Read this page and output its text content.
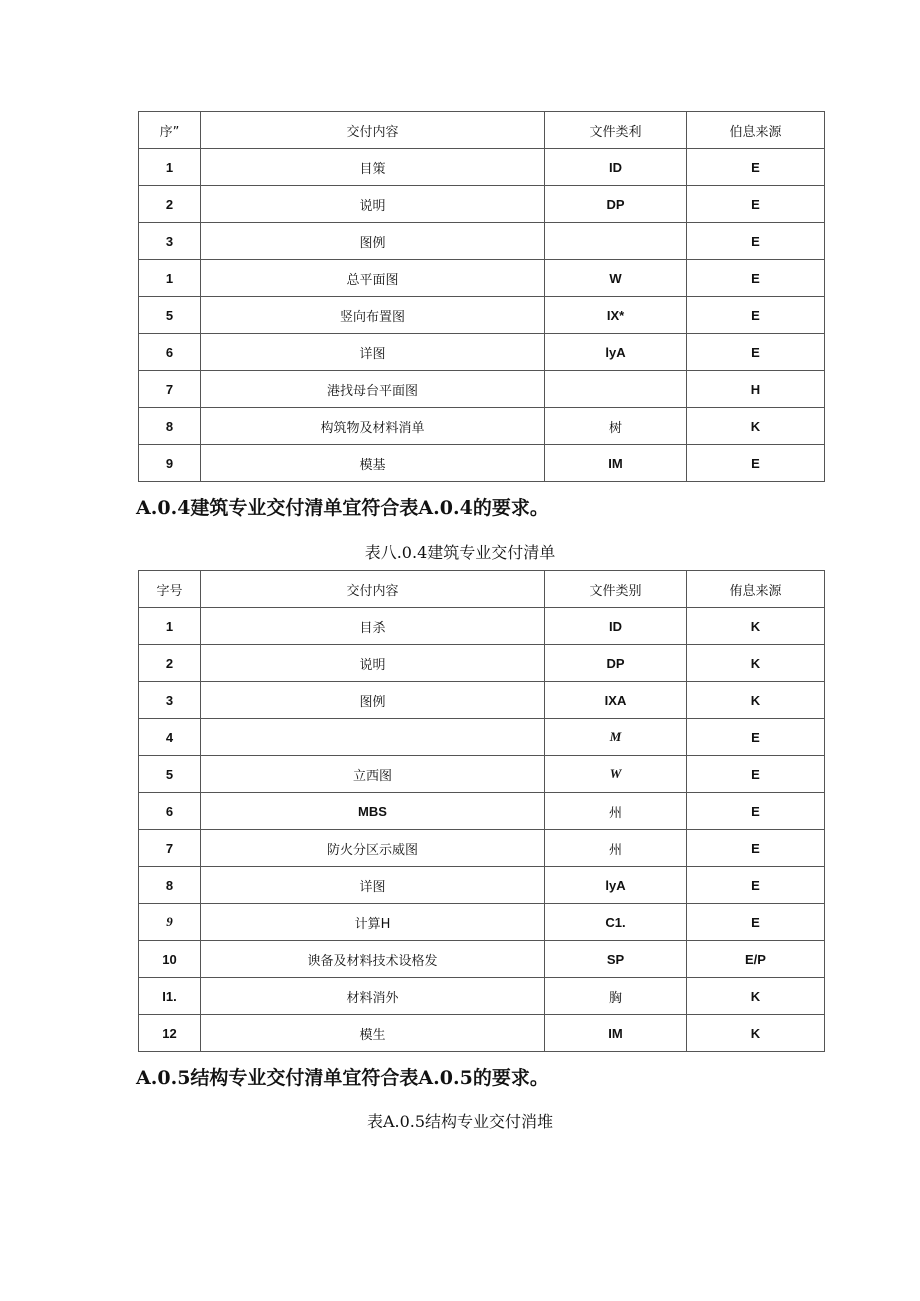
序”	交付内容	文件类利	伯息来源
1	目策	ID	E
2	说明	DP	E
3	图例		E
1	总平面图	W	E
5	竖向布置图	IX*	E
6	详图	lyA	E
7	港找母台平面图		H
8	构筑物及材料消单	树	K
9	模基	IM	E
A.0.4建筑专业交付清单宜符合表A.0.4的要求。
表八.0.4建筑专业交付清单
字号	交付内容	文件类别	侑息来源
1	目杀	ID	K
2	说明	DP	K
3	图例	IXA	K
4		M	E
5	立西图	W	E
6	MBS	州	E
7	防火分区示威图	州	E
8	详图	lyA	E
9	计算H	C1.	E
10	谀备及材料技术设格发	SP	E/P
I1.	材料消外	胸	K
12	模生	IM	K
A.0.5结构专业交付清单宜符合表A.0.5的要求。
表A.0.5结构专业交付消堆
